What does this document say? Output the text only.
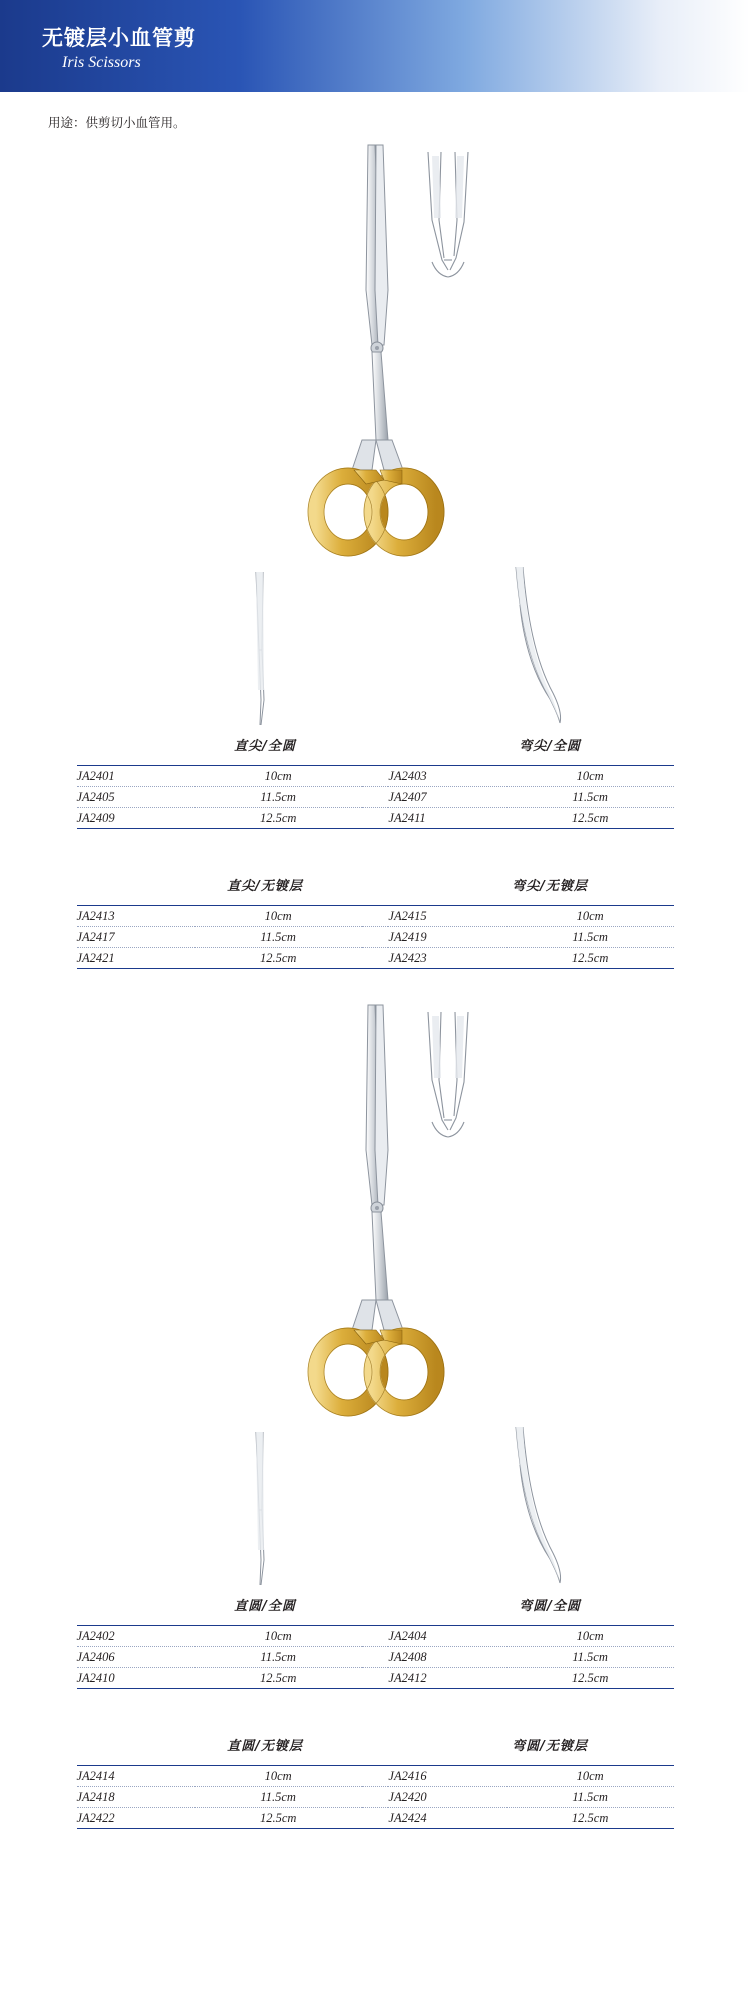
无镀层小血管剪
Iris Scissors
用途：供剪切小血管用。
直尖/全圆	弯尖/全圆
JA2401	10cm		JA2403	10cm
JA2405	11.5cm		JA2407	11.5cm
JA2409	12.5cm		JA2411	12.5cm
直尖/无镀层	弯尖/无镀层
JA2413	10cm		JA2415	10cm
JA2417	11.5cm		JA2419	11.5cm
JA2421	12.5cm		JA2423	12.5cm
直圆/全圆	弯圆/全圆
JA2402	10cm		JA2404	10cm
JA2406	11.5cm		JA2408	11.5cm
JA2410	12.5cm		JA2412	12.5cm
直圆/无镀层	弯圆/无镀层
JA2414	10cm		JA2416	10cm
JA2418	11.5cm		JA2420	11.5cm
JA2422	12.5cm		JA2424	12.5cm
